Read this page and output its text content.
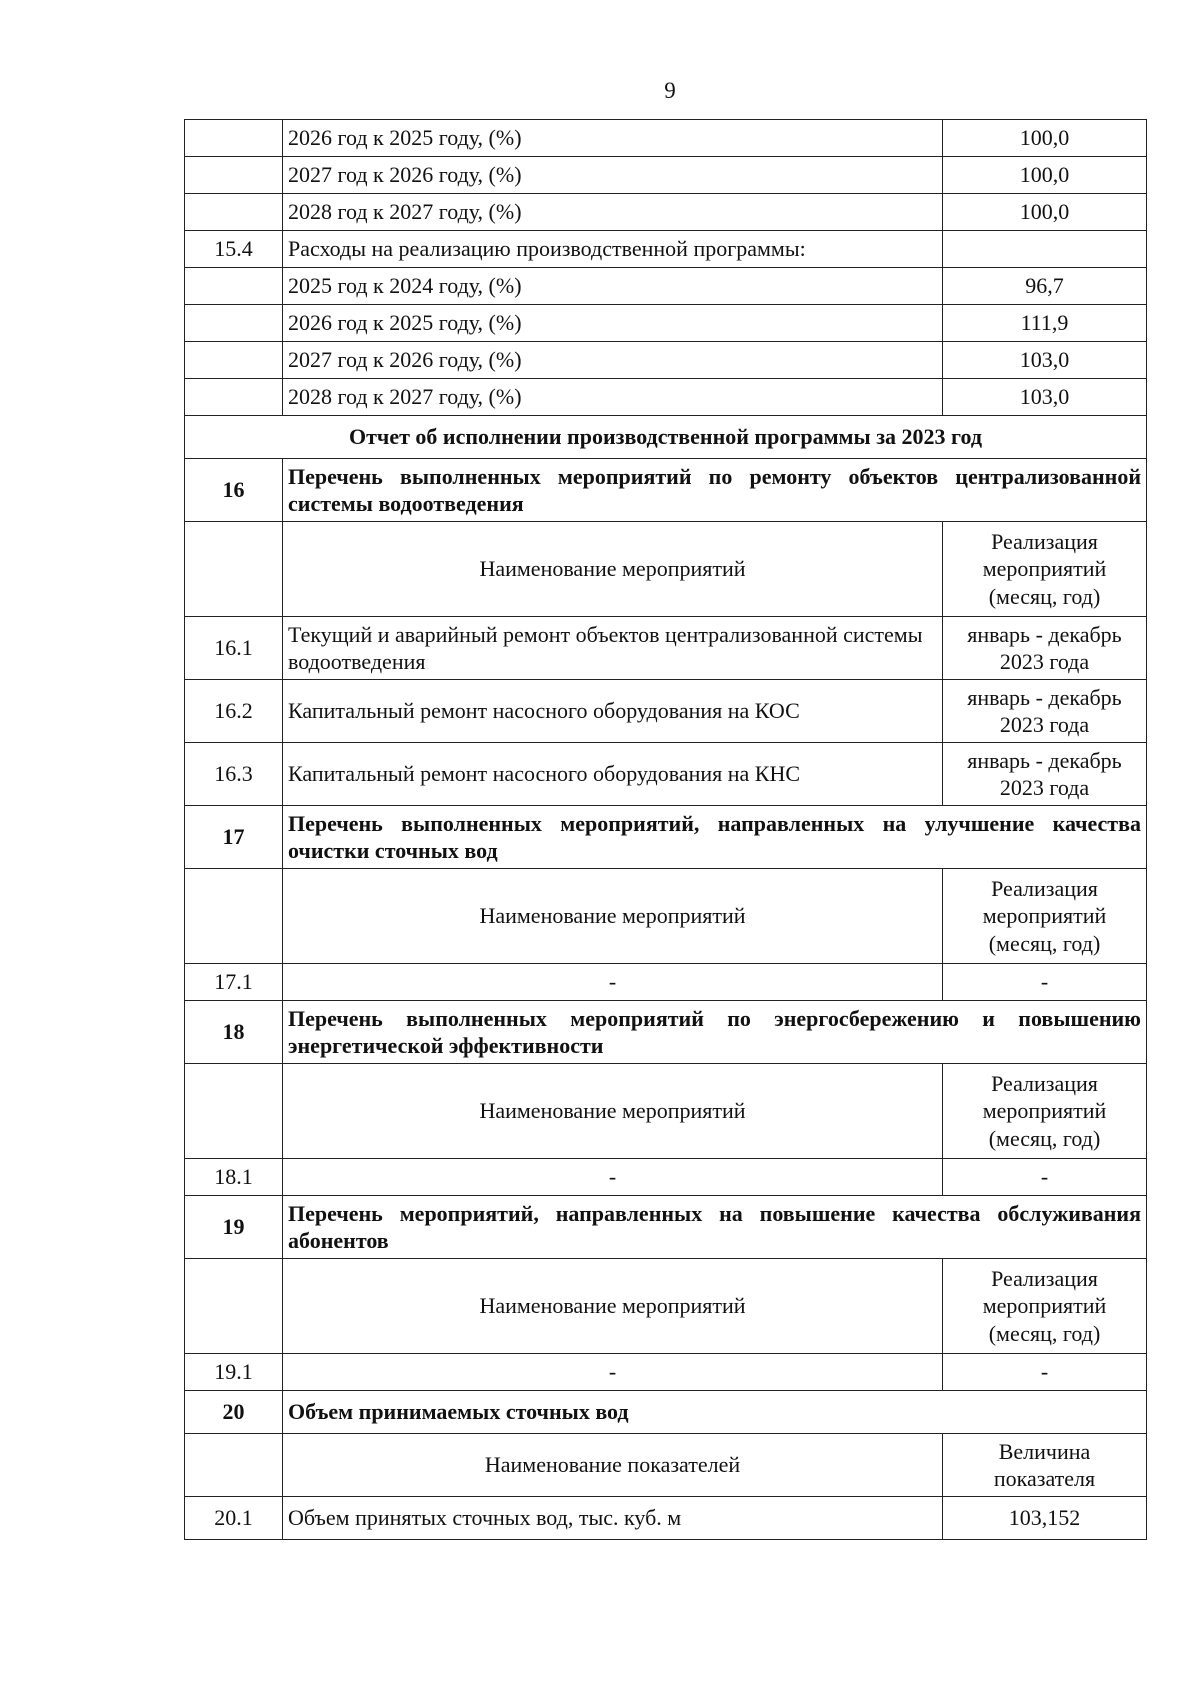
9
	2026 год к 2025 году, (%)	100,0
	2027 год к 2026 году, (%)	100,0
	2028 год к 2027 году, (%)	100,0
15.4	Расходы на реализацию производственной программы:	
	2025 год к 2024 году, (%)	96,7
	2026 год к 2025 году, (%)	111,9
	2027 год к 2026 году, (%)	103,0
	2028 год к 2027 году, (%)	103,0
Отчет об исполнении производственной программы за 2023 год		
16	Перечень выполненных мероприятий по ремонту объектов централизованной системы водоотведения	
	Наименование мероприятий	Реализация мероприятий (месяц, год)
16.1	Текущий и аварийный ремонт объектов централизованной системы водоотведения	январь - декабрь 2023 года
16.2	Капитальный ремонт насосного оборудования на КОС	январь - декабрь 2023 года
16.3	Капитальный ремонт насосного оборудования на КНС	январь - декабрь 2023 года
17	Перечень выполненных мероприятий, направленных на улучшение качества очистки сточных вод	
	Наименование мероприятий	Реализация мероприятий (месяц, год)
17.1	-	-
18	Перечень выполненных мероприятий по энергосбережению и повышению энергетической эффективности	
	Наименование мероприятий	Реализация мероприятий (месяц, год)
18.1	-	-
19	Перечень мероприятий, направленных на повышение качества обслуживания абонентов	
	Наименование мероприятий	Реализация мероприятий (месяц, год)
19.1	-	-
20	Объем принимаемых сточных вод	
	Наименование показателей	Величина показателя
20.1	Объем принятых сточных вод, тыс. куб. м	103,152
